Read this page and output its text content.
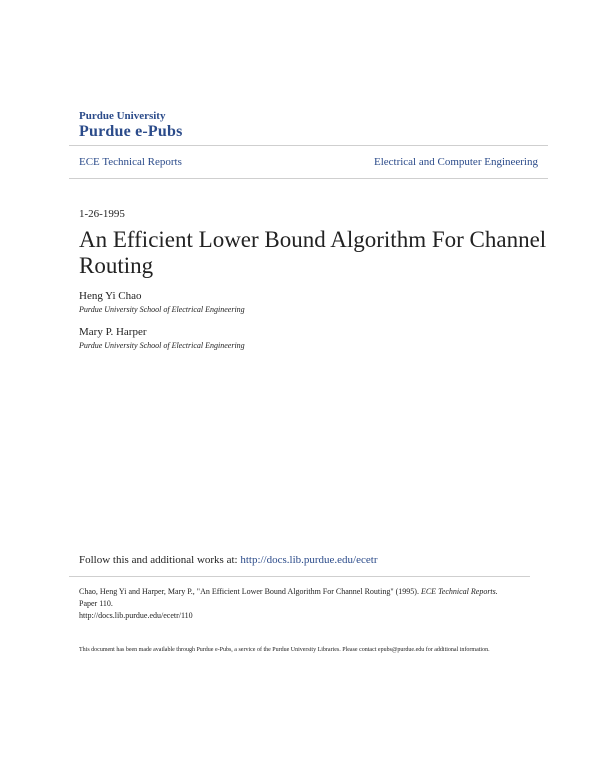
Purdue University
Purdue e-Pubs
ECE Technical Reports	Electrical and Computer Engineering
1-26-1995
An Efficient Lower Bound Algorithm For Channel Routing
Heng Yi Chao
Purdue University School of Electrical Engineering
Mary P. Harper
Purdue University School of Electrical Engineering
Follow this and additional works at: http://docs.lib.purdue.edu/ecetr
Chao, Heng Yi and Harper, Mary P., "An Efficient Lower Bound Algorithm For Channel Routing" (1995). ECE Technical Reports.
Paper 110.
http://docs.lib.purdue.edu/ecetr/110
This document has been made available through Purdue e-Pubs, a service of the Purdue University Libraries. Please contact epubs@purdue.edu for additional information.
